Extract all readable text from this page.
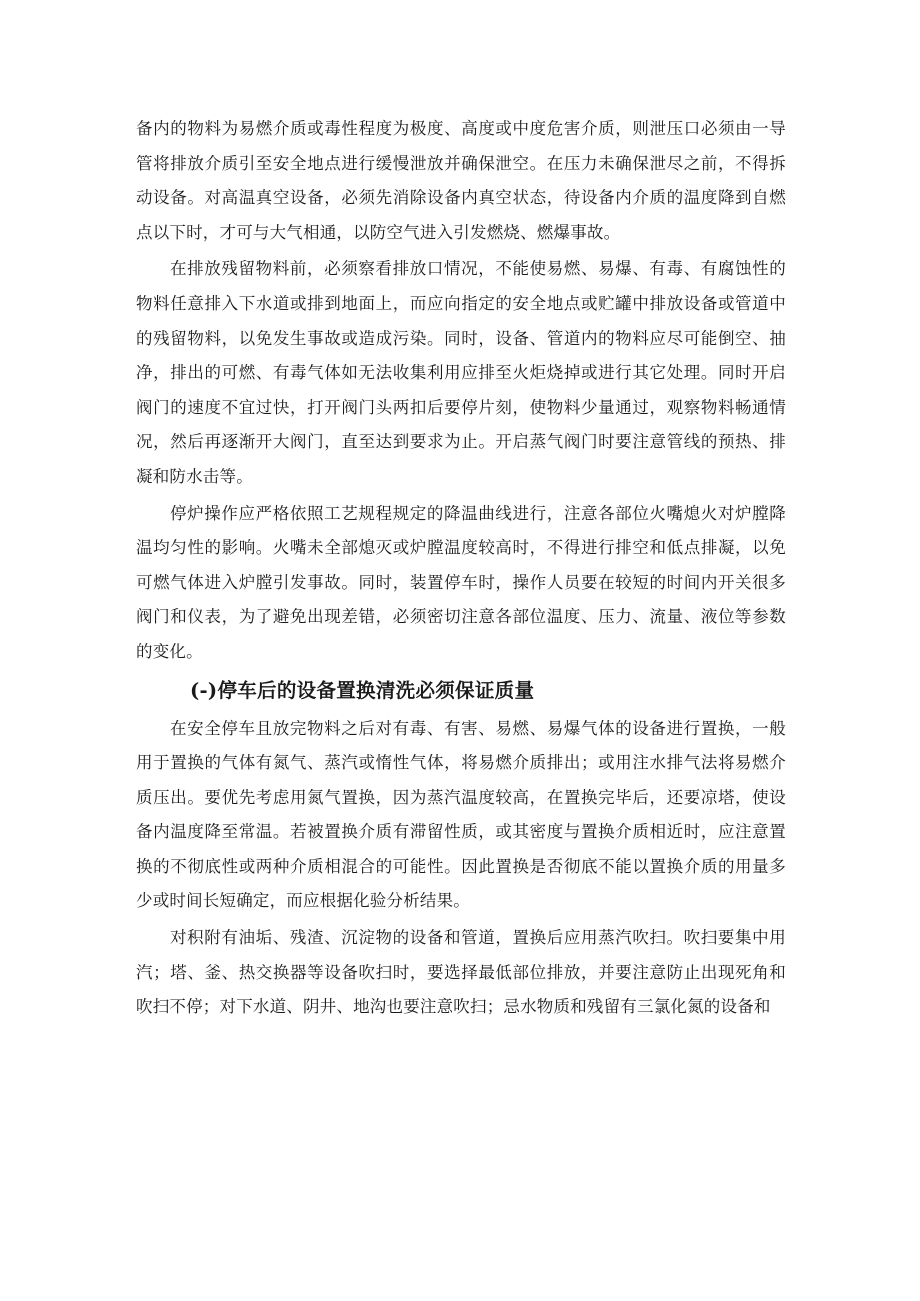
备内的物料为易燃介质或毒性程度为极度、高度或中度危害介质，则泄压口必须由一导管将排放介质引至安全地点进行缓慢泄放并确保泄空。在压力未确保泄尽之前，不得拆动设备。对高温真空设备，必须先消除设备内真空状态，待设备内介质的温度降到自燃点以下时，才可与大气相通，以防空气进入引发燃烧、燃爆事故。

在排放残留物料前，必须察看排放口情况，不能使易燃、易爆、有毒、有腐蚀性的物料任意排入下水道或排到地面上，而应向指定的安全地点或贮罐中排放设备或管道中的残留物料，以免发生事故或造成污染。同时，设备、管道内的物料应尽可能倒空、抽净，排出的可燃、有毒气体如无法收集利用应排至火炬烧掉或进行其它处理。同时开启阀门的速度不宜过快，打开阀门头两扣后要停片刻，使物料少量通过，观察物料畅通情况，然后再逐渐开大阀门，直至达到要求为止。开启蒸气阀门时要注意管线的预热、排凝和防水击等。

停炉操作应严格依照工艺规程规定的降温曲线进行，注意各部位火嘴熄火对炉膛降温均匀性的影响。火嘴未全部熄灭或炉膛温度较高时，不得进行排空和低点排凝，以免可燃气体进入炉膛引发事故。同时，装置停车时，操作人员要在较短的时间内开关很多阀门和仪表，为了避免出现差错，必须密切注意各部位温度、压力、流量、液位等参数的变化。

(-)停车后的设备置换清洗必须保证质量

在安全停车且放完物料之后对有毒、有害、易燃、易爆气体的设备进行置换，一般用于置换的气体有氮气、蒸汽或惰性气体，将易燃介质排出；或用注水排气法将易燃介质压出。要优先考虑用氮气置换，因为蒸汽温度较高，在置换完毕后，还要凉塔，使设备内温度降至常温。若被置换介质有滞留性质，或其密度与置换介质相近时，应注意置换的不彻底性或两种介质相混合的可能性。因此置换是否彻底不能以置换介质的用量多少或时间长短确定，而应根据化验分析结果。

对积附有油垢、残渣、沉淀物的设备和管道，置换后应用蒸汽吹扫。吹扫要集中用汽；塔、釜、热交换器等设备吹扫时，要选择最低部位排放，并要注意防止出现死角和吹扫不停；对下水道、阴井、地沟也要注意吹扫；忌水物质和残留有三氯化氮的设备和
